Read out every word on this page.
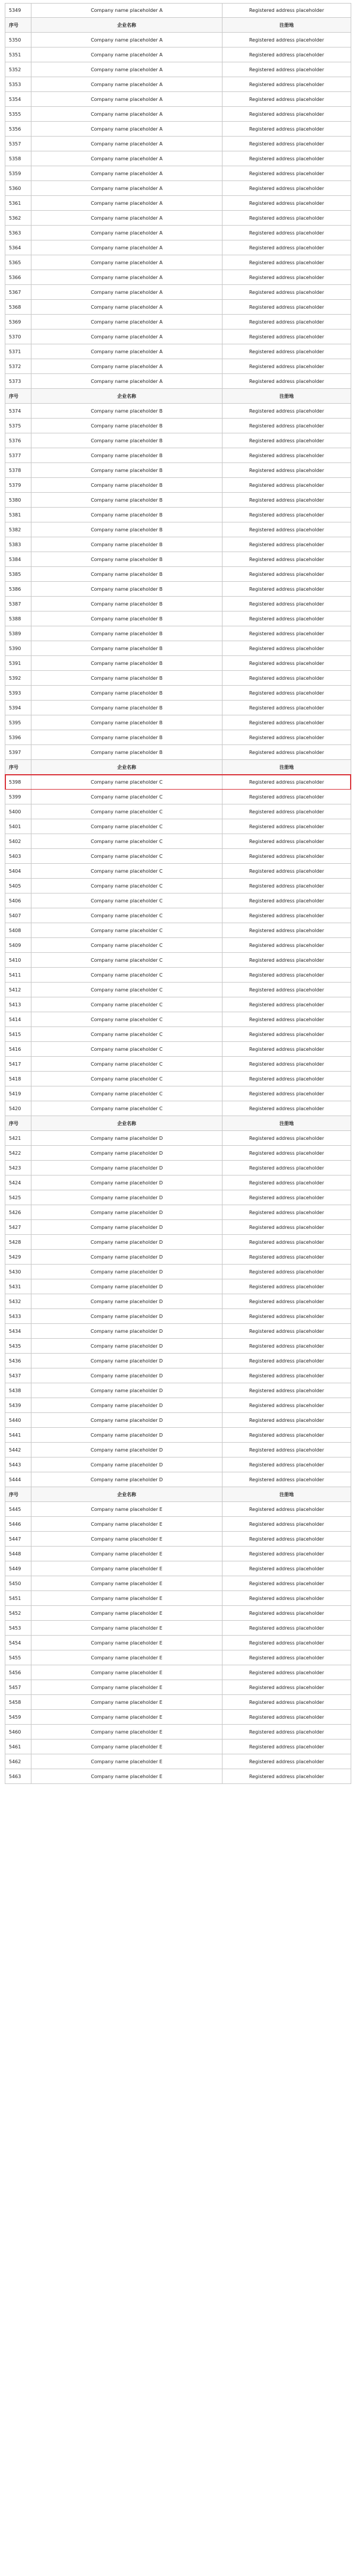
5349	Company name placeholder A	Registered address placeholder
序号	企业名称	注册地
5350	Company name placeholder A	Registered address placeholder
5351	Company name placeholder A	Registered address placeholder
5352	Company name placeholder A	Registered address placeholder
5353	Company name placeholder A	Registered address placeholder
5354	Company name placeholder A	Registered address placeholder
5355	Company name placeholder A	Registered address placeholder
5356	Company name placeholder A	Registered address placeholder
5357	Company name placeholder A	Registered address placeholder
5358	Company name placeholder A	Registered address placeholder
5359	Company name placeholder A	Registered address placeholder
5360	Company name placeholder A	Registered address placeholder
5361	Company name placeholder A	Registered address placeholder
5362	Company name placeholder A	Registered address placeholder
5363	Company name placeholder A	Registered address placeholder
5364	Company name placeholder A	Registered address placeholder
5365	Company name placeholder A	Registered address placeholder
5366	Company name placeholder A	Registered address placeholder
5367	Company name placeholder A	Registered address placeholder
5368	Company name placeholder A	Registered address placeholder
5369	Company name placeholder A	Registered address placeholder
5370	Company name placeholder A	Registered address placeholder
5371	Company name placeholder A	Registered address placeholder
5372	Company name placeholder A	Registered address placeholder
5373	Company name placeholder A	Registered address placeholder
序号	企业名称	注册地
5374	Company name placeholder B	Registered address placeholder
5375	Company name placeholder B	Registered address placeholder
5376	Company name placeholder B	Registered address placeholder
5377	Company name placeholder B	Registered address placeholder
5378	Company name placeholder B	Registered address placeholder
5379	Company name placeholder B	Registered address placeholder
5380	Company name placeholder B	Registered address placeholder
5381	Company name placeholder B	Registered address placeholder
5382	Company name placeholder B	Registered address placeholder
5383	Company name placeholder B	Registered address placeholder
5384	Company name placeholder B	Registered address placeholder
5385	Company name placeholder B	Registered address placeholder
5386	Company name placeholder B	Registered address placeholder
5387	Company name placeholder B	Registered address placeholder
5388	Company name placeholder B	Registered address placeholder
5389	Company name placeholder B	Registered address placeholder
5390	Company name placeholder B	Registered address placeholder
5391	Company name placeholder B	Registered address placeholder
5392	Company name placeholder B	Registered address placeholder
5393	Company name placeholder B	Registered address placeholder
5394	Company name placeholder B	Registered address placeholder
5395	Company name placeholder B	Registered address placeholder
5396	Company name placeholder B	Registered address placeholder
5397	Company name placeholder B	Registered address placeholder
序号	企业名称	注册地
5398	Company name placeholder C	Registered address placeholder
5399	Company name placeholder C	Registered address placeholder
5400	Company name placeholder C	Registered address placeholder
5401	Company name placeholder C	Registered address placeholder
5402	Company name placeholder C	Registered address placeholder
5403	Company name placeholder C	Registered address placeholder
5404	Company name placeholder C	Registered address placeholder
5405	Company name placeholder C	Registered address placeholder
5406	Company name placeholder C	Registered address placeholder
5407	Company name placeholder C	Registered address placeholder
5408	Company name placeholder C	Registered address placeholder
5409	Company name placeholder C	Registered address placeholder
5410	Company name placeholder C	Registered address placeholder
5411	Company name placeholder C	Registered address placeholder
5412	Company name placeholder C	Registered address placeholder
5413	Company name placeholder C	Registered address placeholder
5414	Company name placeholder C	Registered address placeholder
5415	Company name placeholder C	Registered address placeholder
5416	Company name placeholder C	Registered address placeholder
5417	Company name placeholder C	Registered address placeholder
5418	Company name placeholder C	Registered address placeholder
5419	Company name placeholder C	Registered address placeholder
5420	Company name placeholder C	Registered address placeholder
序号	企业名称	注册地
5421	Company name placeholder D	Registered address placeholder
5422	Company name placeholder D	Registered address placeholder
5423	Company name placeholder D	Registered address placeholder
5424	Company name placeholder D	Registered address placeholder
5425	Company name placeholder D	Registered address placeholder
5426	Company name placeholder D	Registered address placeholder
5427	Company name placeholder D	Registered address placeholder
5428	Company name placeholder D	Registered address placeholder
5429	Company name placeholder D	Registered address placeholder
5430	Company name placeholder D	Registered address placeholder
5431	Company name placeholder D	Registered address placeholder
5432	Company name placeholder D	Registered address placeholder
5433	Company name placeholder D	Registered address placeholder
5434	Company name placeholder D	Registered address placeholder
5435	Company name placeholder D	Registered address placeholder
5436	Company name placeholder D	Registered address placeholder
5437	Company name placeholder D	Registered address placeholder
5438	Company name placeholder D	Registered address placeholder
5439	Company name placeholder D	Registered address placeholder
5440	Company name placeholder D	Registered address placeholder
5441	Company name placeholder D	Registered address placeholder
5442	Company name placeholder D	Registered address placeholder
5443	Company name placeholder D	Registered address placeholder
5444	Company name placeholder D	Registered address placeholder
序号	企业名称	注册地
5445	Company name placeholder E	Registered address placeholder
5446	Company name placeholder E	Registered address placeholder
5447	Company name placeholder E	Registered address placeholder
5448	Company name placeholder E	Registered address placeholder
5449	Company name placeholder E	Registered address placeholder
5450	Company name placeholder E	Registered address placeholder
5451	Company name placeholder E	Registered address placeholder
5452	Company name placeholder E	Registered address placeholder
5453	Company name placeholder E	Registered address placeholder
5454	Company name placeholder E	Registered address placeholder
5455	Company name placeholder E	Registered address placeholder
5456	Company name placeholder E	Registered address placeholder
5457	Company name placeholder E	Registered address placeholder
5458	Company name placeholder E	Registered address placeholder
5459	Company name placeholder E	Registered address placeholder
5460	Company name placeholder E	Registered address placeholder
5461	Company name placeholder E	Registered address placeholder
5462	Company name placeholder E	Registered address placeholder
5463	Company name placeholder E	Registered address placeholder
